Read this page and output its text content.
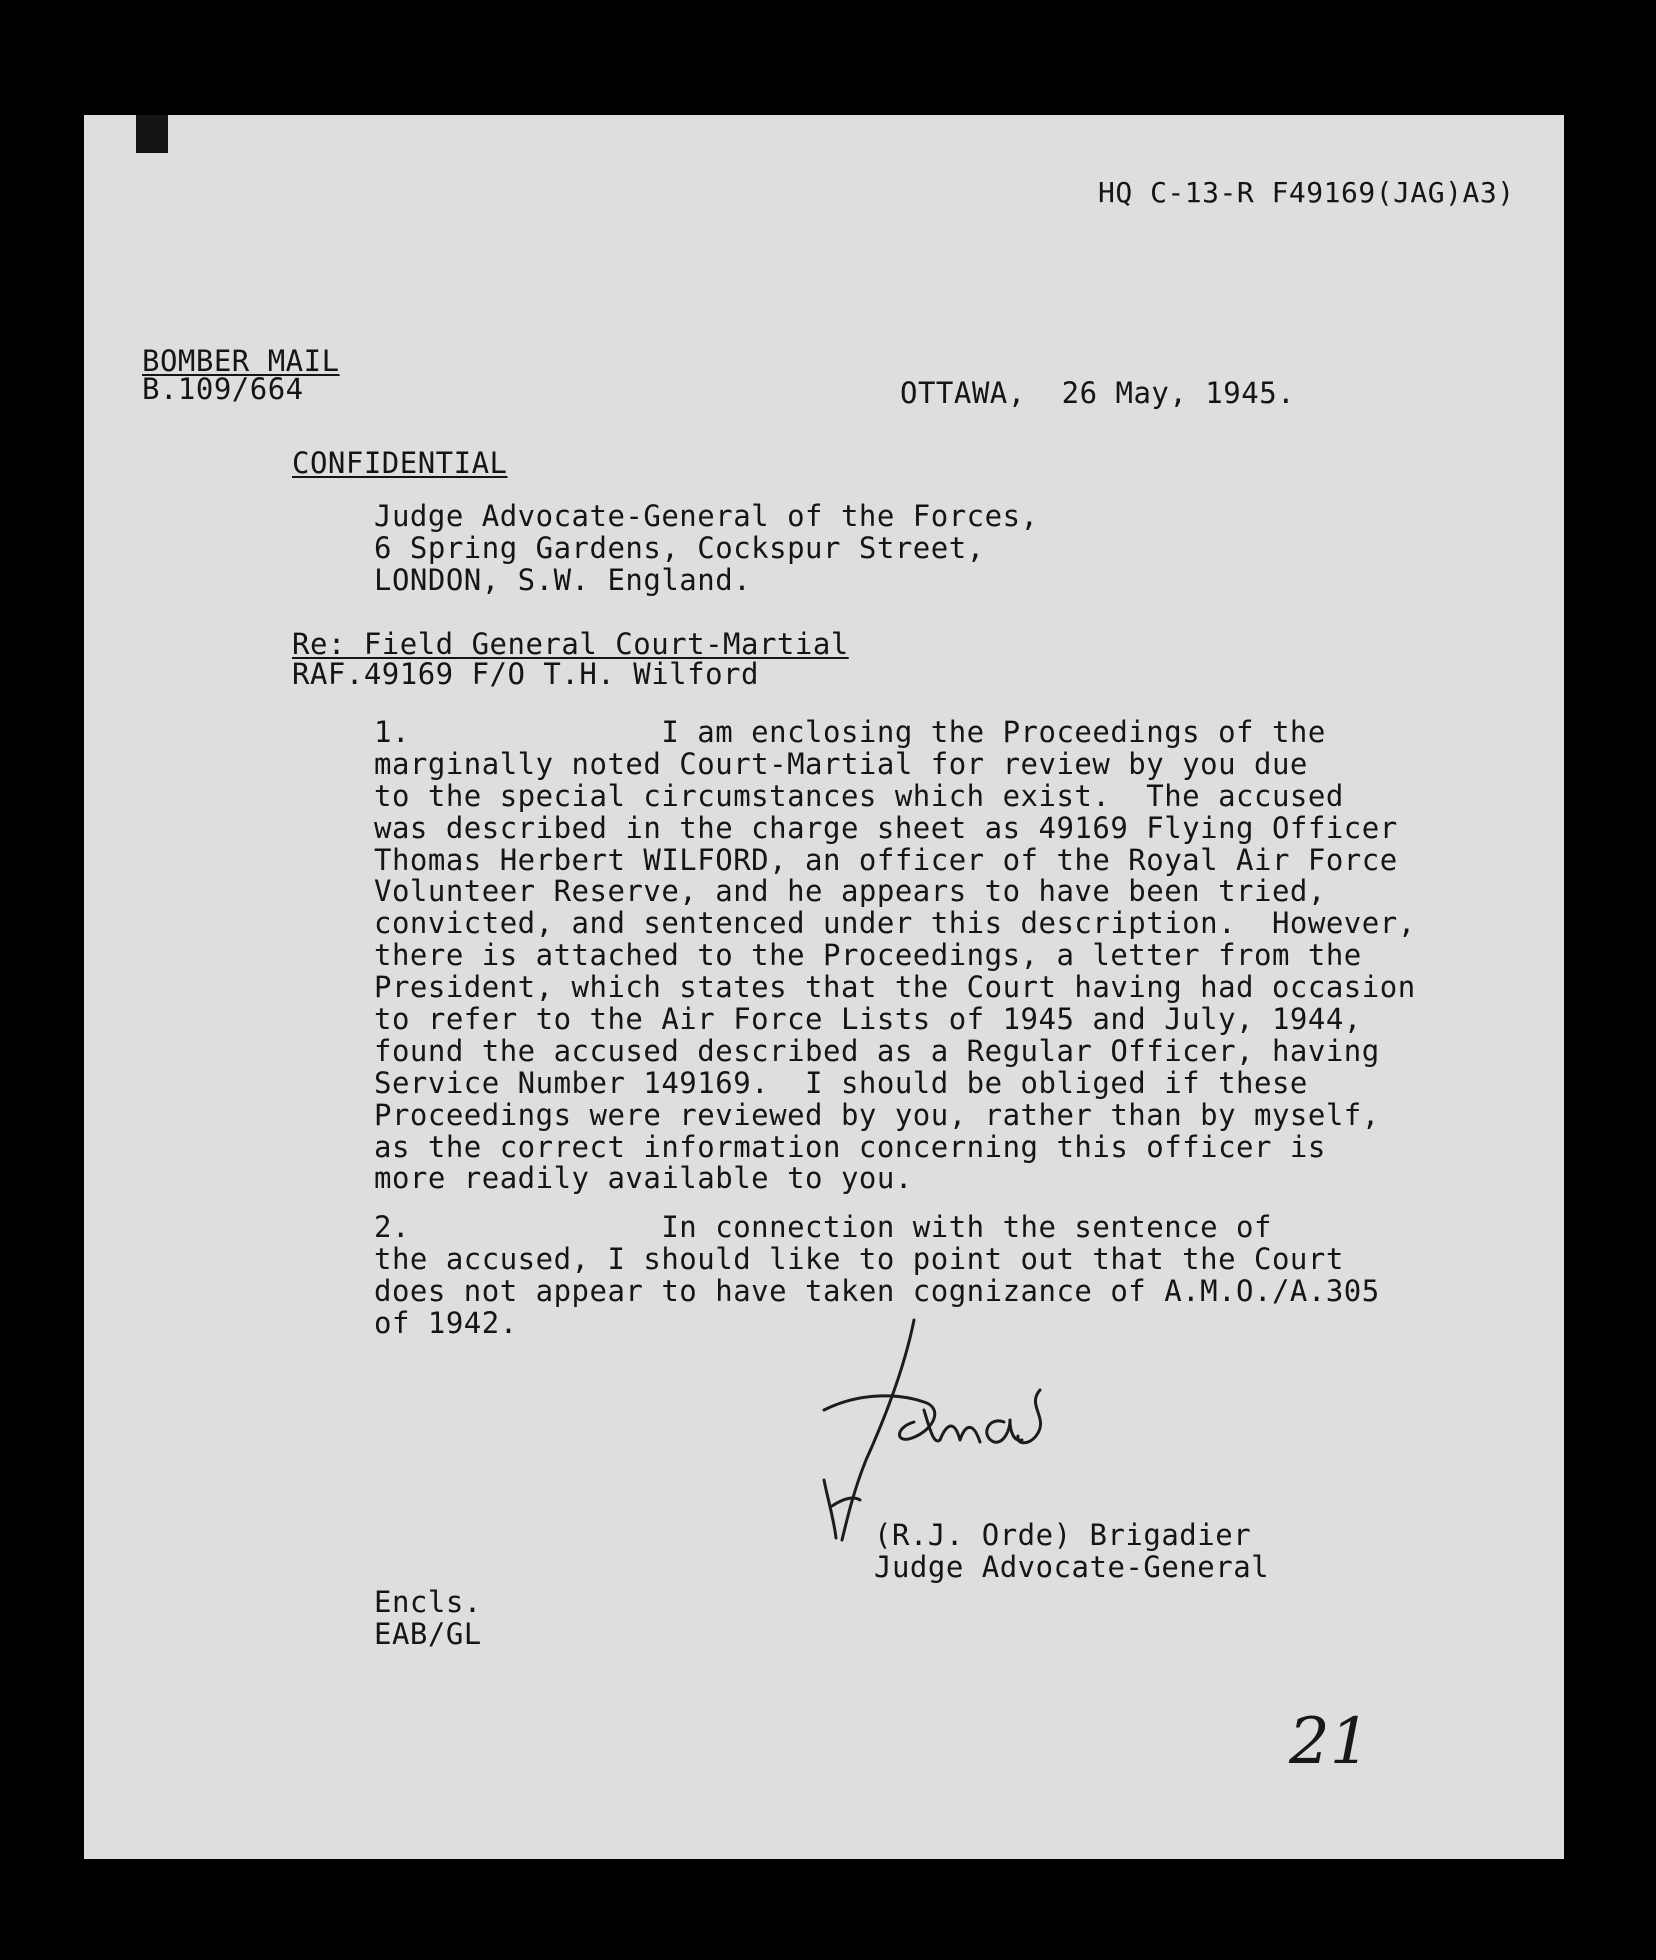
HQ C-13-R F49169(JAG)A3)
BOMBER MAIL
B.109/664	OTTAWA,  26 May, 1945.
CONFIDENTIAL
Judge Advocate-General of the Forces,
6 Spring Gardens, Cockspur Street,
LONDON, S.W. England.
Re: Field General Court-Martial
RAF.49169 F/O T.H. Wilford
1.              I am enclosing the Proceedings of the
marginally noted Court-Martial for review by you due
to the special circumstances which exist.  The accused
was described in the charge sheet as 49169 Flying Officer
Thomas Herbert WILFORD, an officer of the Royal Air Force
Volunteer Reserve, and he appears to have been tried,
convicted, and sentenced under this description.  However,
there is attached to the Proceedings, a letter from the
President, which states that the Court having had occasion
to refer to the Air Force Lists of 1945 and July, 1944,
found the accused described as a Regular Officer, having
Service Number 149169.  I should be obliged if these
Proceedings were reviewed by you, rather than by myself,
as the correct information concerning this officer is
more readily available to you.
2.              In connection with the sentence of
the accused, I should like to point out that the Court
does not appear to have taken cognizance of A.M.O./A.305
of 1942.
(R.J. Orde) Brigadier
Judge Advocate-General
Encls.
EAB/GL
21
